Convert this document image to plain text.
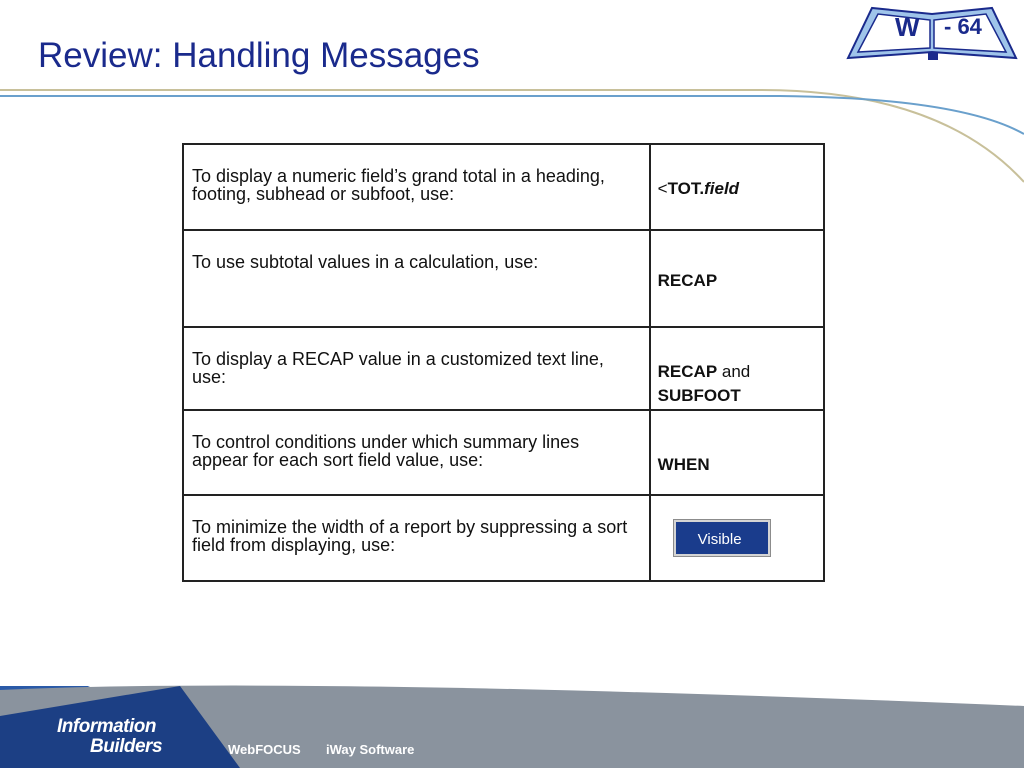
Review: Handling Messages
W - 64
To display a numeric field’s grand total in a heading, footing, subhead or subfoot, use:	<TOT.field

To use subtotal values in a calculation, use:	RECAP

To display a RECAP value in a customized text line, use:	RECAP and
SUBFOOT

To control conditions under which summary lines appear for each sort field value, use:	WHEN

To minimize the width of a report by suppressing a sort field from displaying, use:	Visible
Information
Builders	WebFOCUS iWay Software
